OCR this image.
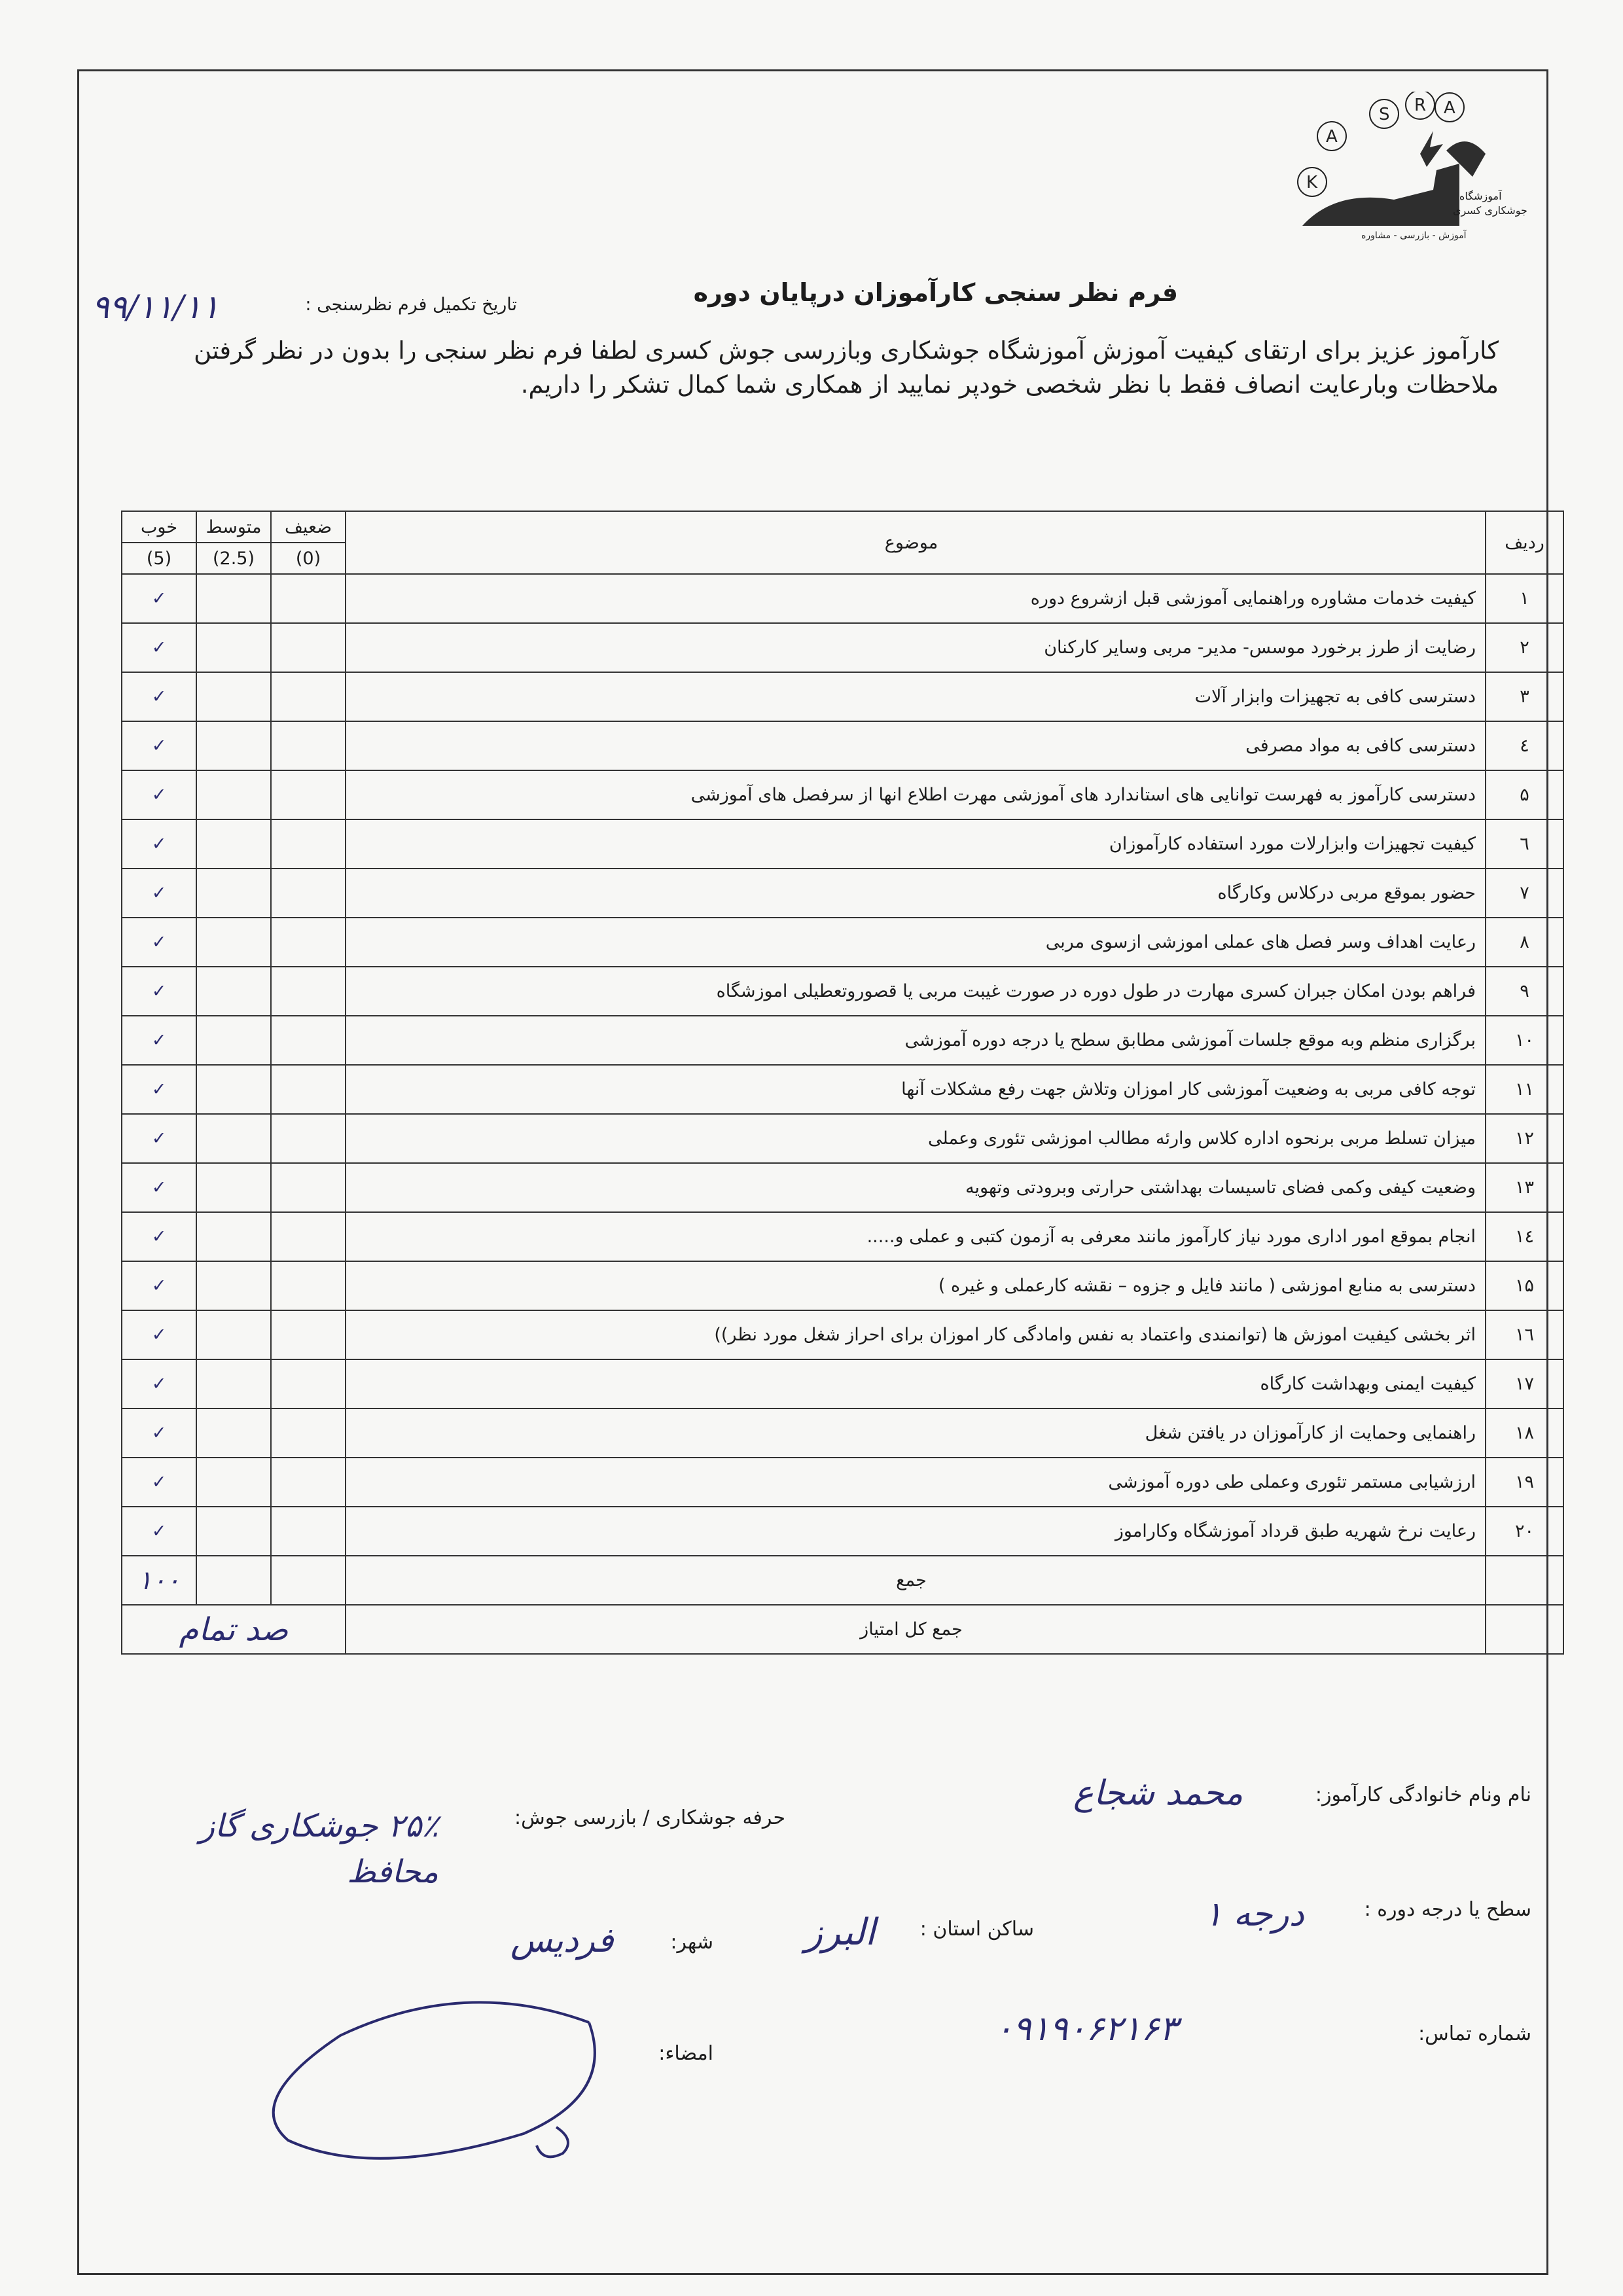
K
A
S R A
آموزشگاه
جوشکاری کسری
آموزش - بازرسی - مشاوره
فرم نظر سنجی کارآموزان درپایان دوره
تاریخ تکمیل فرم نظرسنجی :
۹۹/۱۱/۱۱
کارآموز عزیز برای ارتقای کیفیت آموزش آموزشگاه جوشکاری وبازرسی جوش کسری لطفا فرم نظر سنجی را بدون در نظر گرفتن ملاحظات وبارعایت انصاف فقط با نظر شخصی خودپر نمایید از همکاری شما کمال تشکر را داریم.
ردیف	موضوع	ضعیف	متوسط	خوب
		(0)	(2.5)	(5)
۱	کیفیت خدمات مشاوره وراهنمایی آموزشی قبل ازشروع دوره			✓
۲	رضایت از طرز برخورد موسس- مدیر- مربی وسایر کارکنان			✓
۳	دسترسی کافی به تجهیزات وابزار آلات			✓
٤	دسترسی کافی به مواد مصرفی			✓
۵	دسترسی کارآموز به فهرست توانایی های استاندارد های آموزشی مهرت اطلاع انها از سرفصل های آموزشی			✓
٦	کیفیت تجهیزات وابزارلات مورد استفاده کارآموزان			✓
۷	حضور بموقع مربی درکلاس وکارگاه			✓
۸	رعایت اهداف وسر فصل های عملی اموزشی ازسوی مربی			✓
۹	فراهم بودن امکان جبران کسری مهارت در طول دوره در صورت غیبت مربی یا قصوروتعطیلی اموزشگاه			✓
۱۰	برگزاری منظم وبه موقع جلسات آموزشی مطابق سطح یا درجه دوره آموزشی			✓
۱۱	توجه کافی مربی به وضعیت آموزشی کار اموزان وتلاش جهت رفع مشکلات آنها			✓
۱۲	میزان تسلط مربی برنحوه اداره کلاس وارئه مطالب اموزشی تئوری وعملی			✓
۱۳	وضعیت کیفی وکمی فضای تاسیسات بهداشتی حرارتی وبرودتی وتهویه			✓
۱٤	انجام بموقع امور اداری مورد نیاز کارآموز مانند معرفی به آزمون کتبی و عملی و.....			✓
۱۵	دسترسی به منابع اموزشی ( مانند فایل و جزوه – نقشه کارعملی و غیره )			✓
۱٦	اثر بخشی کیفیت اموزش ها (توانمندی واعتماد به نفس وامادگی کار اموزان برای احراز شغل مورد نظر))			✓
۱۷	کیفیت ایمنی وبهداشت کارگاه			✓
۱۸	راهنمایی وحمایت از کارآموزان در یافتن شغل			✓
۱۹	ارزشیابی مستمر تئوری وعملی طی دوره آموزشی			✓
۲۰	رعایت نرخ شهریه طبق قرداد آموزشگاه وکاراموز			✓
	جمع			۱۰۰
	جمع کل امتیاز	صد تمام		
نام ونام خانوادگی کارآموز:
محمد شجاع
حرفه جوشکاری / بازرسی جوش:
۲۵٪ جوشکاری گاز محافظ
سطح یا درجه دوره :
درجه ۱
ساکن استان :
البرز
شهر:
فردیس
شماره تماس:
۰۹۱۹۰۶۲۱۶۳
امضاء:
